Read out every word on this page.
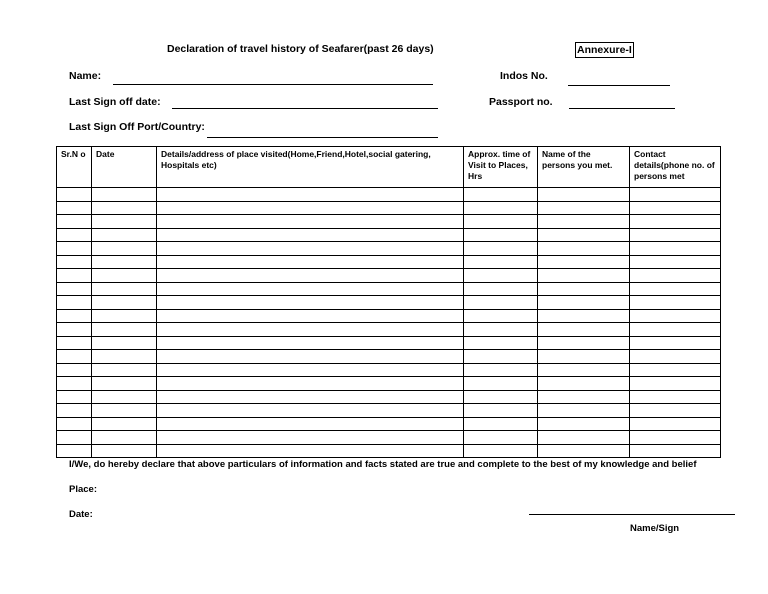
Declaration of travel history of Seafarer(past 26 days)	Annexure-I
Name:	Indos No.
Last Sign off date:	Passport no.
Last Sign Off Port/Country:
Sr.N o	Date	Details/address of place visited(Home,Friend,Hotel,social gatering, Hospitals etc)	Approx. time of Visit to Places, Hrs	Name of the persons you met.	Contact details(phone no. of persons met

I/We, do hereby declare that above particulars of information and facts stated are true and complete to the best of my knowledge and belief
Place:
Date:
Name/Sign
